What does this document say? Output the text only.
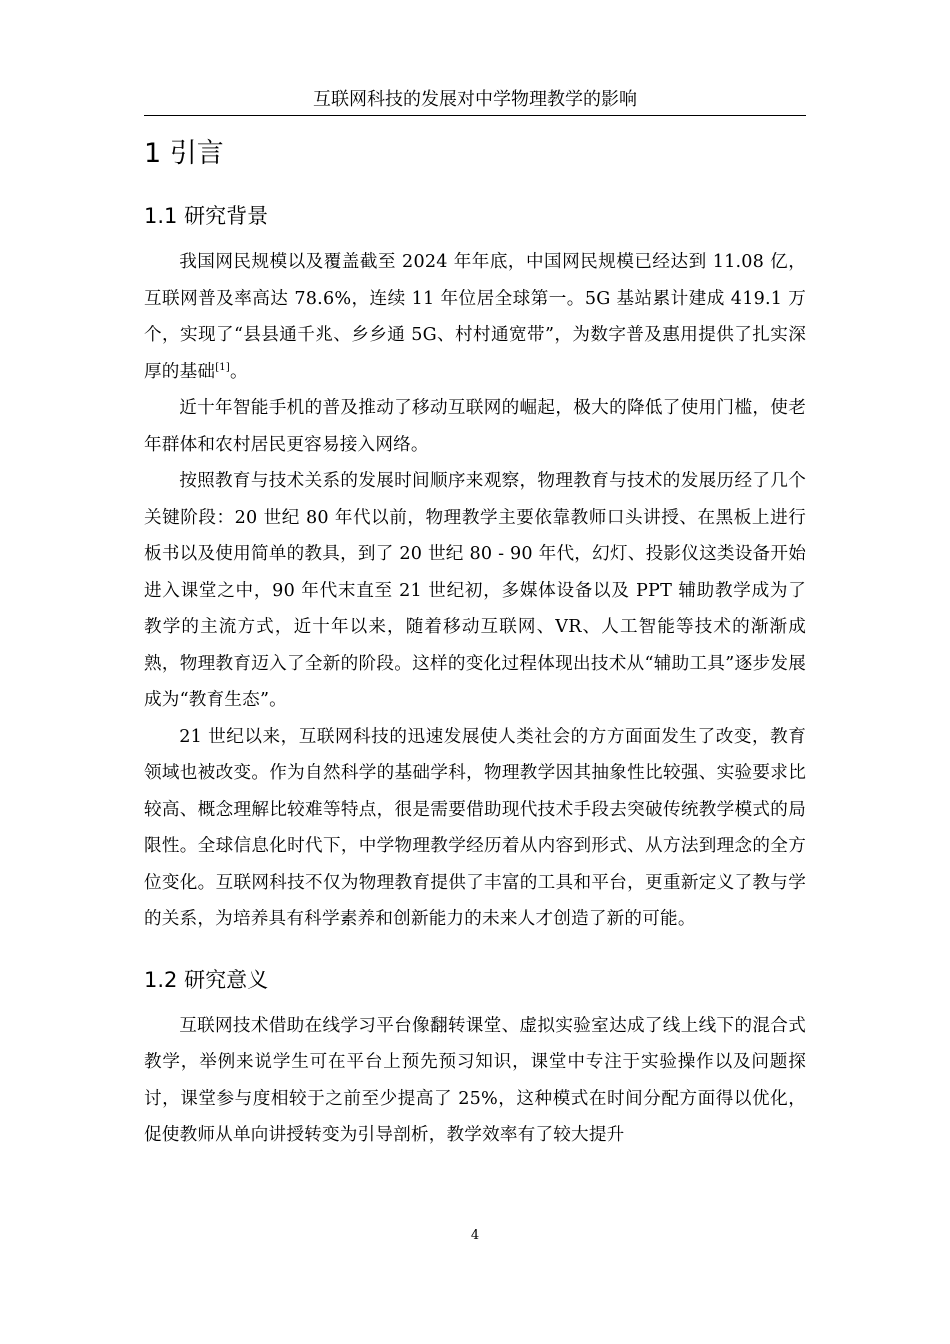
互联网科技的发展对中学物理教学的影响
1 引言
1.1 研究背景

我国网民规模以及覆盖截至 2024 年年底，中国网民规模已经达到 11.08 亿，互联网普及率高达 78.6%，连续 11 年位居全球第一。5G 基站累计建成 419.1 万个，实现了“县县通千兆、乡乡通 5G、村村通宽带”，为数字普及惠用提供了扎实深厚的基础[1]。

近十年智能手机的普及推动了移动互联网的崛起，极大的降低了使用门槛，使老年群体和农村居民更容易接入网络。

按照教育与技术关系的发展时间顺序来观察，物理教育与技术的发展历经了几个关键阶段：20 世纪 80 年代以前，物理教学主要依靠教师口头讲授、在黑板上进行板书以及使用简单的教具，到了 20 世纪 80 - 90 年代，幻灯、投影仪这类设备开始进入课堂之中，90 年代末直至 21 世纪初，多媒体设备以及 PPT 辅助教学成为了教学的主流方式，近十年以来，随着移动互联网、VR、人工智能等技术的渐渐成熟，物理教育迈入了全新的阶段。这样的变化过程体现出技术从“辅助工具”逐步发展成为“教育生态”。

21 世纪以来，互联网科技的迅速发展使人类社会的方方面面发生了改变，教育领域也被改变。作为自然科学的基础学科，物理教学因其抽象性比较强、实验要求比较高、概念理解比较难等特点，很是需要借助现代技术手段去突破传统教学模式的局限性。全球信息化时代下，中学物理教学经历着从内容到形式、从方法到理念的全方位变化。互联网科技不仅为物理教育提供了丰富的工具和平台，更重新定义了教与学的关系，为培养具有科学素养和创新能力的未来人才创造了新的可能。

1.2 研究意义

互联网技术借助在线学习平台像翻转课堂、虚拟实验室达成了线上线下的混合式教学，举例来说学生可在平台上预先预习知识，课堂中专注于实验操作以及问题探讨，课堂参与度相较于之前至少提高了 25%，这种模式在时间分配方面得以优化，促使教师从单向讲授转变为引导剖析，教学效率有了较大提升

4
